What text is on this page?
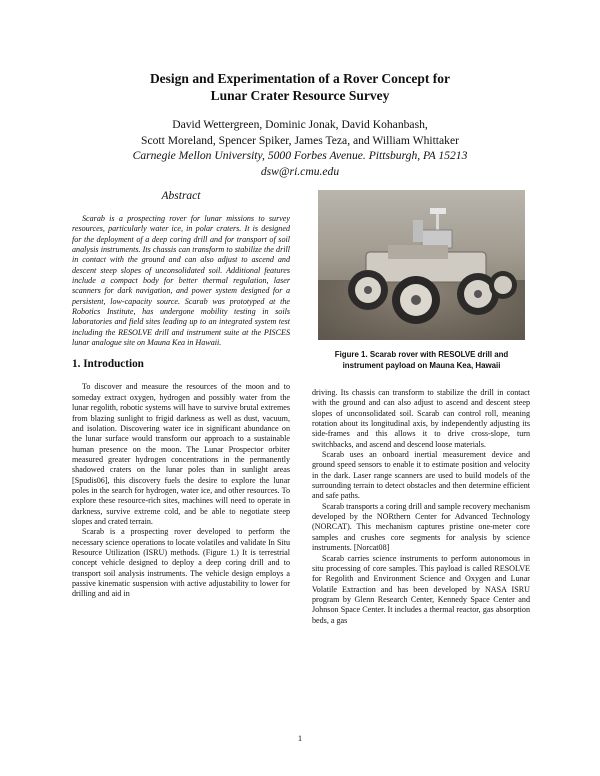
Design and Experimentation of a Rover Concept for
Lunar Crater Resource Survey
David Wettergreen, Dominic Jonak, David Kohanbash,
Scott Moreland, Spencer Spiker, James Teza, and William Whittaker
Carnegie Mellon University, 5000 Forbes Avenue. Pittsburgh, PA 15213
dsw@ri.cmu.edu
Abstract

Scarab is a prospecting rover for lunar missions to survey resources, particularly water ice, in polar craters. It is designed for the deployment of a deep coring drill and for transport of soil analysis instruments. Its chassis can transform to stabilize the drill in contact with the ground and can also adjust to ascend and descent steep slopes of unconsolidated soil. Additional features include a compact body for better thermal regulation, laser scanners for dark navigation, and power system designed for a persistent, low-capacity source. Scarab was prototyped at the Robotics Institute, has undergone mobility testing in soils laboratories and field sites leading up to an integrated system test including the RESOLVE drill and instrument suite at the PISCES lunar analogue site on Mauna Kea in Hawaii.

1. Introduction

To discover and measure the resources of the moon and to someday extract oxygen, hydrogen and possibly water from the lunar regolith, robotic systems will have to survive brutal extremes from blazing sunlight to frigid darkness as well as dust, vacuum, and isolation. Discovering water ice in significant abundance on the lunar surface would transform our approach to a sustainable human presence on the moon. The Lunar Prospector orbiter measured greater hydrogen concentrations in the permanently shadowed craters on the lunar poles than in sunlight areas [Spudis06], this discovery fuels the desire to explore the lunar poles in the search for hydrogen, water ice, and other resources. To explore these resource-rich sites, machines will need to operate in darkness, survive extreme cold, and be able to negotiate steep slopes and crated terrain.

Scarab is a prospecting rover developed to perform the necessary science operations to locate volatiles and validate In Situ Resource Utilization (ISRU) methods. (Figure 1.) It is terrestrial concept vehicle designed to deploy a deep coring drill and to transport soil analysis instruments. The vehicle design employs a passive kinematic suspension with active adjustability to lower for drilling and aid in

Figure 1. Scarab rover with RESOLVE drill and
instrument payload on Mauna Kea, Hawaii

driving. Its chassis can transform to stabilize the drill in contact with the ground and can also adjust to ascend and descent steep slopes of unconsolidated soil. Scarab can control roll, meaning rotation about its longitudinal axis, by independently adjusting its side-frames and this allows it to drive cross-slope, turn switchbacks, and ascend and descend loose materials.

Scarab uses an onboard inertial measurement device and ground speed sensors to enable it to estimate position and velocity in the dark. Laser range scanners are used to build models of the surrounding terrain to detect obstacles and then determine efficient and safe paths.

Scarab transports a coring drill and sample recovery mechanism developed by the NORthern Center for Advanced Technology (NORCAT). This mechanism captures pristine one-meter core samples and crushes core segments for analysis by science instruments. [Norcat08]

Scarab carries science instruments to perform autonomous in situ processing of core samples. This payload is called RESOLVE for Regolith and Environment Science and Oxygen and Lunar Volatile Extraction and has been developed by NASA ISRU program by Glenn Research Center, Kennedy Space Center and Johnson Space Center. It includes a thermal reactor, gas absorption beds, a gas

1
